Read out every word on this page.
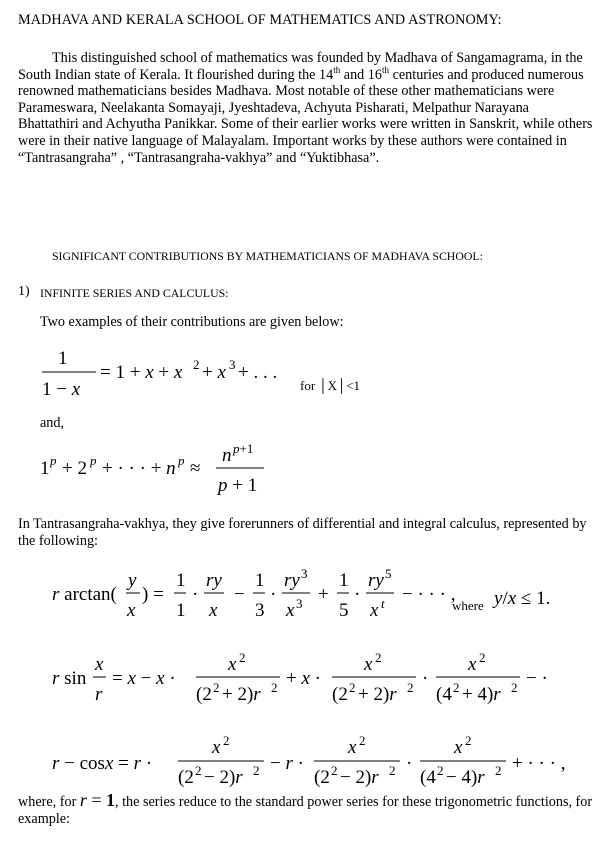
MADHAVA AND KERALA SCHOOL OF MATHEMATICS AND ASTRONOMY:
This distinguished school of mathematics was founded by Madhava of Sangamagrama, in the South Indian state of Kerala. It flourished during the 14th and 16th centuries and produced numerous renowned mathematicians besides Madhava. Most notable of these other mathematicians were Parameswara, Neelakanta Somayaji, Jyeshtadeva, Achyuta Pisharati, Melpathur Narayana Bhattathiri and Achyutha Panikkar. Some of their earlier works were written in Sanskrit, while others were in their native language of Malayalam. Important works by these authors were contained in “Tantrasangraha” , “Tantrasangraha-vakhya” and “Yuktibhasa”.
SIGNIFICANT CONTRIBUTIONS BY MATHEMATICIANS OF MADHAVA SCHOOL:
1) INFINITE SERIES AND CALCULUS:
Two examples of their contributions are given below:
1
1 − x
= 1 + x + x 2 + x 3 + . . .
for │X│<1
and,
1 p + 2 p + · · · + n p ≈
n p+1
p + 1
In Tantrasangraha-vakhya, they give forerunners of differential and integral calculus, represented by the following:
r arctan(
y
x
) =
1
1
·
ry
x
−
1
3
·
ry 3
x 3 +
1
5
·
ry 5
x t − · · · ,
where y/x ≤ 1.
r sin
x
r
= x − x ·
x 2
(2 2 + 2)r 2 + x ·
x 2
(2 2 + 2)r 2 ·
x 2
(4 2 + 4)r 2 − ·
r − cosx = r ·
x 2
(2 2 − 2)r 2 − r ·
x 2
(2 2 − 2)r 2 ·
x 2
(4 2 − 4)r 2 + · · · ,
where, for r = 1, the series reduce to the standard power series for these trigonometric functions, for example:
